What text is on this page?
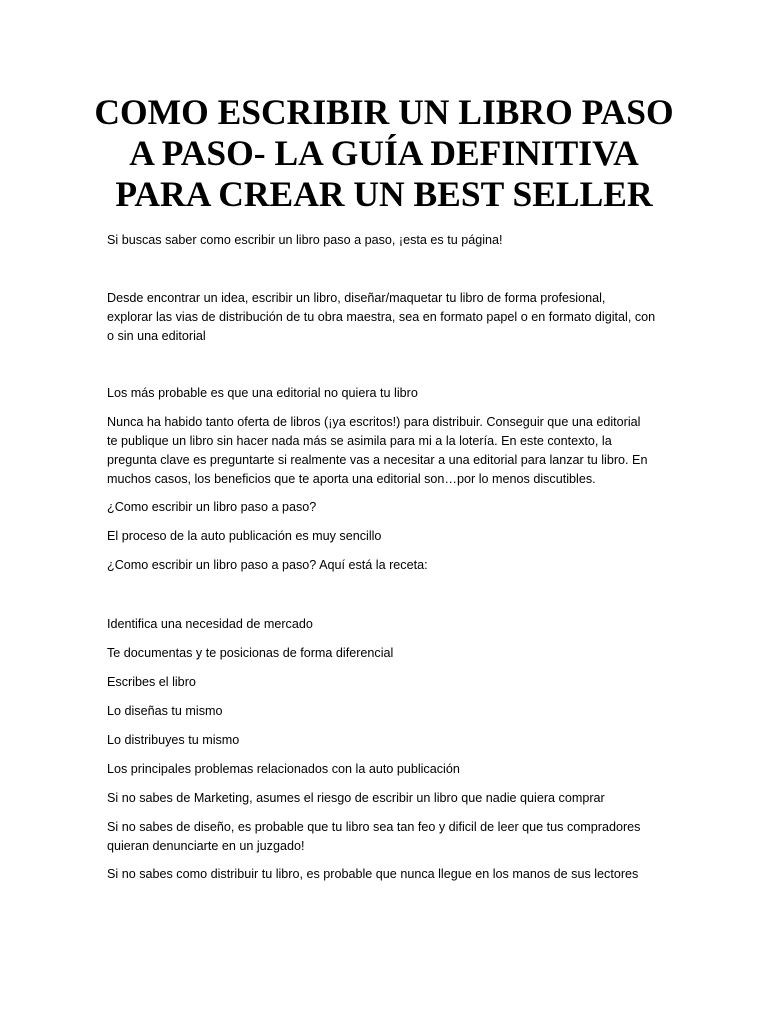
COMO ESCRIBIR UN LIBRO PASO
A PASO- LA GUÍA DEFINITIVA
PARA CREAR UN BEST SELLER

Si buscas saber como escribir un libro paso a paso, ¡esta es tu página!

Desde encontrar un idea, escribir un libro, diseñar/maquetar tu libro de forma profesional,
explorar las vias de distribución de tu obra maestra, sea en formato papel o en formato digital, con
o sin una editorial

Los más probable es que una editorial no quiera tu libro

Nunca ha habido tanto oferta de libros (¡ya escritos!) para distribuir. Conseguir que una editorial
te publique un libro sin hacer nada más se asimila para mi a la lotería. En este contexto, la
pregunta clave es preguntarte si realmente vas a necesitar a una editorial para lanzar tu libro. En
muchos casos, los beneficios que te aporta una editorial son…por lo menos discutibles.

¿Como escribir un libro paso a paso?

El proceso de la auto publicación es muy sencillo

¿Como escribir un libro paso a paso? Aquí está la receta:

Identifica una necesidad de mercado

Te documentas y te posicionas de forma diferencial

Escribes el libro

Lo diseñas tu mismo

Lo distribuyes tu mismo

Los principales problemas relacionados con la auto publicación

Si no sabes de Marketing, asumes el riesgo de escribir un libro que nadie quiera comprar

Si no sabes de diseño, es probable que tu libro sea tan feo y dificil de leer que tus compradores
quieran denunciarte en un juzgado!

Si no sabes como distribuir tu libro, es probable que nunca llegue en los manos de sus lectores
